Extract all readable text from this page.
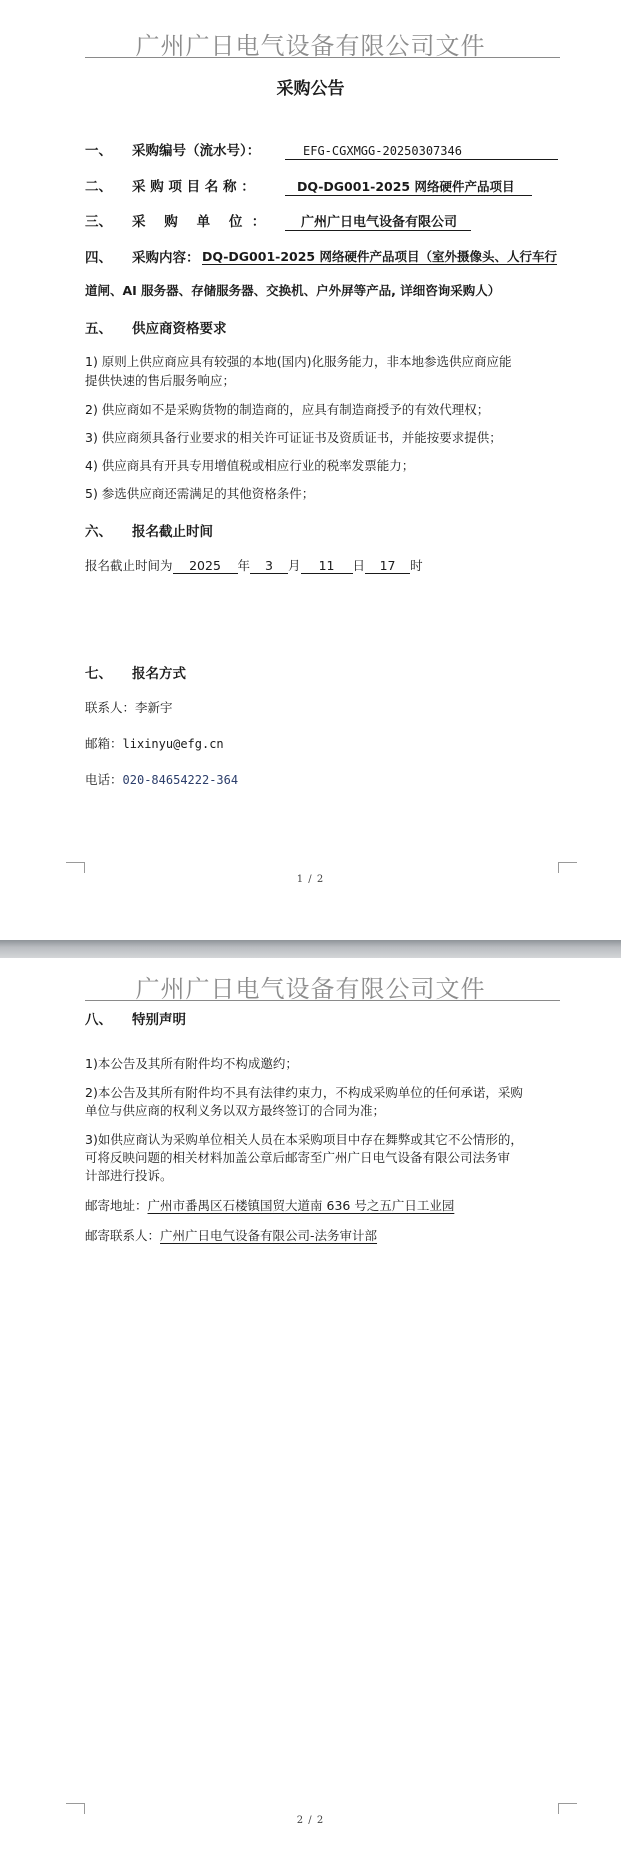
广州广日电气设备有限公司文件
采购公告
一、 采购编号（流水号）：	EFG-CGXMGG-20250307346
二、 采 购 项 目 名 称 ：	DQ-DG001-2025 网络硬件产品项目
三、 采    购    单    位  ：	广州广日电气设备有限公司
四、 采购内容： DQ-DG001-2025 网络硬件产品项目（室外摄像头、人行车行
道闸、AI 服务器、存储服务器、交换机、户外屏等产品, 详细咨询采购人）
五、 供应商资格要求
1) 原则上供应商应具有较强的本地(国内)化服务能力，非本地参选供应商应能
提供快速的售后服务响应；
2) 供应商如不是采购货物的制造商的，应具有制造商授予的有效代理权；
3) 供应商须具备行业要求的相关许可证证书及资质证书，并能按要求提供；
4) 供应商具有开具专用增值税或相应行业的税率发票能力；
5) 参选供应商还需满足的其他资格条件；
六、 报名截止时间
报名截止时间为 2025 年 3 月 11 日 17 时
七、 报名方式
联系人：李新宇
邮箱：lixinyu@efg.cn
电话：020-84654222-364
1 / 2
广州广日电气设备有限公司文件
八、 特别声明
1)本公告及其所有附件均不构成邀约；
2)本公告及其所有附件均不具有法律约束力，不构成采购单位的任何承诺，采购
单位与供应商的权利义务以双方最终签订的合同为准；
3)如供应商认为采购单位相关人员在本采购项目中存在舞弊或其它不公情形的，
可将反映问题的相关材料加盖公章后邮寄至广州广日电气设备有限公司法务审
计部进行投诉。
邮寄地址：广州市番禺区石楼镇国贸大道南 636 号之五广日工业园
邮寄联系人：广州广日电气设备有限公司-法务审计部
2 / 2
